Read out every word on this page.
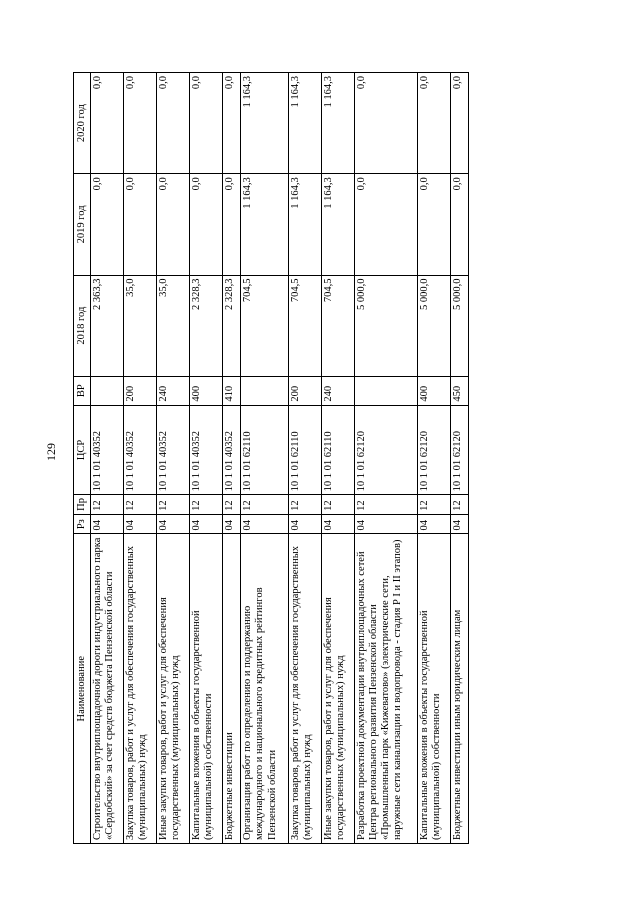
129
Наименование	Рз	Пр	ЦСР	ВР	2018 год	2019 год	2020 год
Строительство внутриплощадочной дороги индустриального парка «Сердобский» за счет средств бюджета Пензенской области	04	12	10 1 01 40352		2 363,3	0,0	0,0
Закупка товаров, работ и услуг для обеспечения государственных (муниципальных) нужд	04	12	10 1 01 40352	200	35,0	0,0	0,0
Иные закупки товаров, работ и услуг для обеспечения государственных (муниципальных) нужд	04	12	10 1 01 40352	240	35,0	0,0	0,0
Капитальные вложения в объекты государственной (муниципальной) собственности	04	12	10 1 01 40352	400	2 328,3	0,0	0,0
Бюджетные инвестиции	04	12	10 1 01 40352	410	2 328,3	0,0	0,0
Организация работ по определению и поддержанию международного и национального кредитных рейтингов Пензенской области	04	12	10 1 01 62110		704,5	1 164,3	1 164,3
Закупка товаров, работ и услуг для обеспечения государственных (муниципальных) нужд	04	12	10 1 01 62110	200	704,5	1 164,3	1 164,3
Иные закупки товаров, работ и услуг для обеспечения государственных (муниципальных) нужд	04	12	10 1 01 62110	240	704,5	1 164,3	1 164,3
Разработка проектной документации внутриплощадочных сетей Центра регионального развития Пензенской области «Промышленный парк «Кижеватово» (электрические сети, наружные сети канализации и водопровода - стадия Р I и II этапов)	04	12	10 1 01 62120		5 000,0	0,0	0,0
Капитальные вложения в объекты государственной (муниципальной) собственности	04	12	10 1 01 62120	400	5 000,0	0,0	0,0
Бюджетные инвестиции иным юридическим лицам	04	12	10 1 01 62120	450	5 000,0	0,0	0,0
